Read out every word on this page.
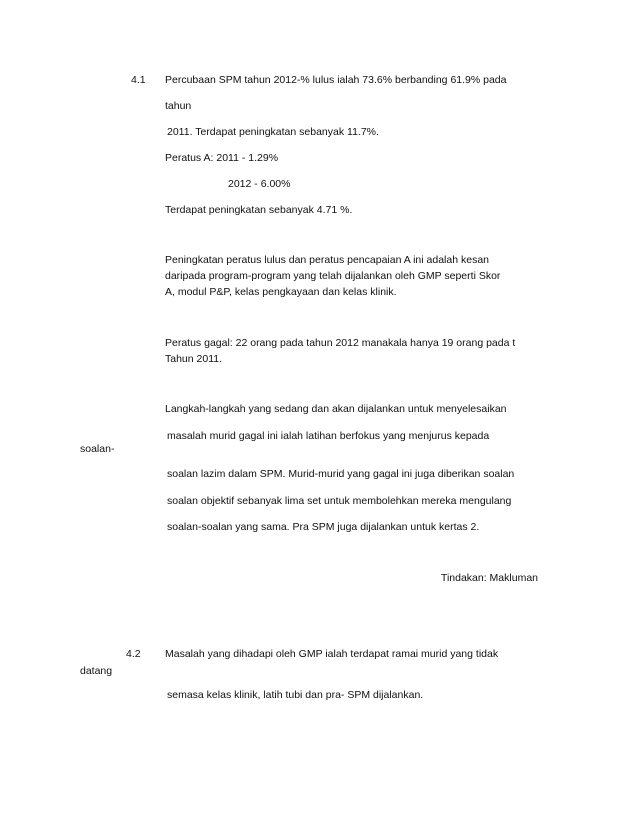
4.1 Percubaan SPM tahun 2012-% lulus ialah 73.6% berbanding 61.9% pada
tahun
2011. Terdapat peningkatan sebanyak 11.7%.
Peratus A: 2011 - 1.29%
2012 - 6.00%
Terdapat peningkatan sebanyak 4.71 %.
Peningkatan peratus lulus dan peratus pencapaian A ini adalah kesan
daripada program-program yang telah dijalankan oleh GMP seperti Skor
A, modul P&P, kelas pengkayaan dan kelas klinik.
Peratus gagal: 22 orang pada tahun 2012 manakala hanya 19 orang pada t
Tahun 2011.
Langkah-langkah yang sedang dan akan dijalankan untuk menyelesaikan
masalah murid gagal ini ialah latihan berfokus yang menjurus kepada
soalan-
soalan lazim dalam SPM. Murid-murid yang gagal ini juga diberikan soalan
soalan objektif sebanyak lima set untuk membolehkan mereka mengulang
soalan-soalan yang sama. Pra SPM juga dijalankan untuk kertas 2.
Tindakan: Makluman
4.2 Masalah yang dihadapi oleh GMP ialah terdapat ramai murid yang tidak
datang
semasa kelas klinik, latih tubi dan pra- SPM dijalankan.
